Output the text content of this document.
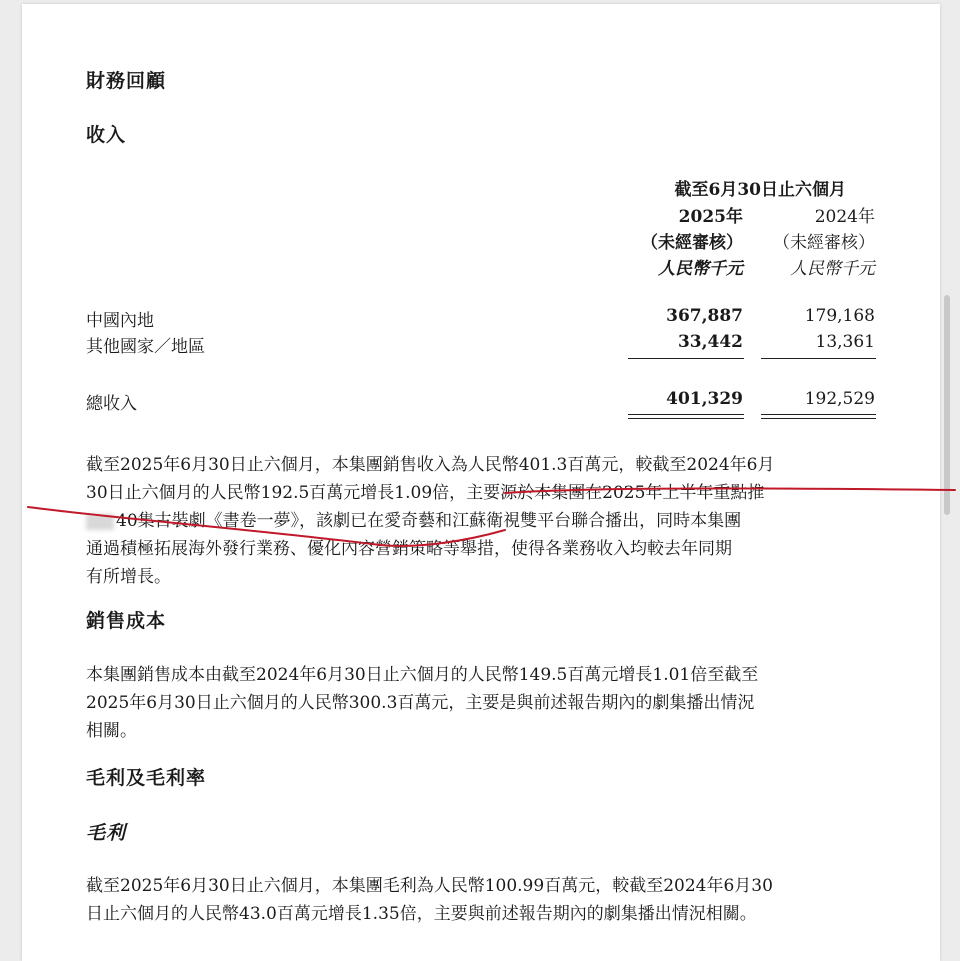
財務回顧
收入
截至6月30日止六個月
2025年	2024年
（未經審核）	（未經審核）
人民幣千元	人民幣千元
中國內地	367,887	179,168
其他國家／地區	33,442	13,361
總收入	401,329	192,529
截至2025年6月30日止六個月，本集團銷售收入為人民幣401.3百萬元，較截至2024年6月
30日止六個月的人民幣192.5百萬元增長1.09倍，主要源於本集團在2025年上半年重點推
40集古裝劇《書卷一夢》，該劇已在愛奇藝和江蘇衛視雙平台聯合播出，同時本集團
通過積極拓展海外發行業務、優化內容營銷策略等舉措，使得各業務收入均較去年同期
有所增長。
銷售成本
本集團銷售成本由截至2024年6月30日止六個月的人民幣149.5百萬元增長1.01倍至截至
2025年6月30日止六個月的人民幣300.3百萬元，主要是與前述報告期內的劇集播出情況
相關。
毛利及毛利率
毛利
截至2025年6月30日止六個月，本集團毛利為人民幣100.99百萬元，較截至2024年6月30
日止六個月的人民幣43.0百萬元增長1.35倍，主要與前述報告期內的劇集播出情況相關。
